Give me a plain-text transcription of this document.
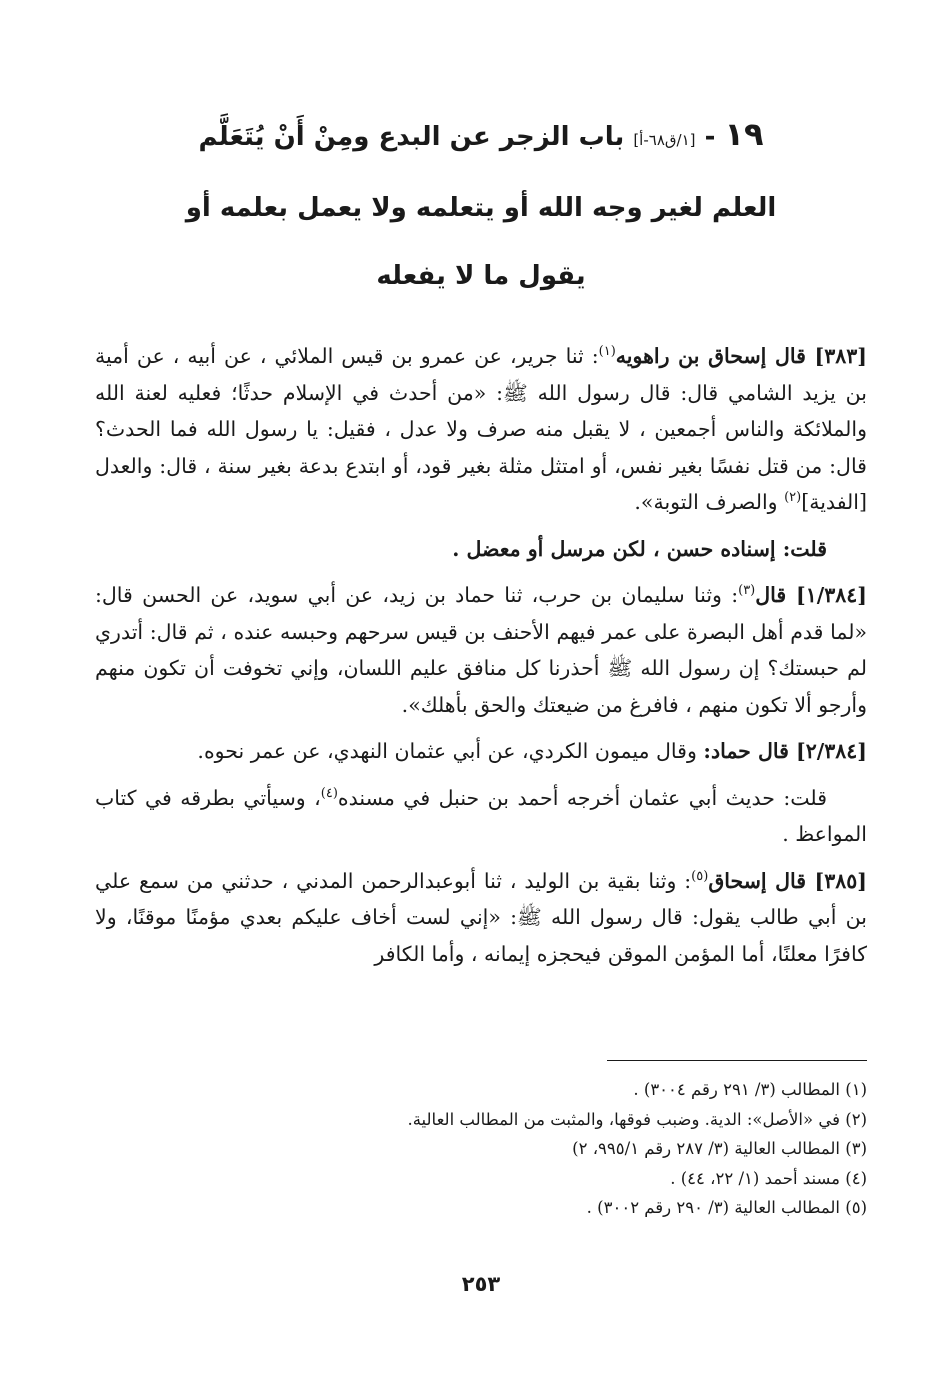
١٩ - [١/ق٦٨-أ] باب الزجر عن البدع ومِنْ أَنْ يُتَعَلَّم
العلم لغير وجه الله أو يتعلمه ولا يعمل بعلمه أو
يقول ما لا يفعله

[٣٨٣] قال إسحاق بن راهويه$^{(١)}$: ثنا جرير، عن عمرو بن قيس الملائي ، عن أبيه ، عن أمية بن يزيد الشامي قال: قال رسول الله ﷺ: «من أحدث في الإسلام حدثًا؛ فعليه لعنة الله والملائكة والناس أجمعين ، لا يقبل منه صرف ولا عدل ، فقيل: يا رسول الله فما الحدث؟ قال: من قتل نفسًا بغير نفس، أو امتثل مثلة بغير قود، أو ابتدع بدعة بغير سنة ، قال: والعدل [الفدية]$^{(٢)}$ والصرف التوبة».

قلت: إسناده حسن ، لكن مرسل أو معضل .

[١/٣٨٤] قال$^{(٣)}$: وثنا سليمان بن حرب، ثنا حماد بن زيد، عن أبي سويد، عن الحسن قال: «لما قدم أهل البصرة على عمر فيهم الأحنف بن قيس سرحهم وحبسه عنده ، ثم قال: أتدري لم حبستك؟ إن رسول الله ﷺ أحذرنا كل منافق عليم اللسان، وإني تخوفت أن تكون منهم وأرجو ألا تكون منهم ، فافرغ من ضيعتك والحق بأهلك».

[٢/٣٨٤] قال حماد: وقال ميمون الكردي، عن أبي عثمان النهدي، عن عمر نحوه.

قلت: حديث أبي عثمان أخرجه أحمد بن حنبل في مسنده$^{(٤)}$، وسيأتي بطرقه في كتاب المواعظ .

[٣٨٥] قال إسحاق$^{(٥)}$: وثنا بقية بن الوليد ، ثنا أبوعبدالرحمن المدني ، حدثني من سمع علي بن أبي طالب يقول: قال رسول الله ﷺ: «إني لست أخاف عليكم بعدي مؤمنًا موقنًا، ولا كافرًا معلنًا، أما المؤمن الموقن فيحجزه إيمانه ، وأما الكافر

(١) المطالب (٣/ ٢٩١ رقم ٣٠٠٤) .

(٢) في «الأصل»: الدية. وضبب فوقها، والمثبت من المطالب العالية.

(٣) المطالب العالية (٣/ ٢٨٧ رقم ٩٩٥/١، ٢)

(٤) مسند أحمد (١/ ٢٢، ٤٤) .

(٥) المطالب العالية (٣/ ٢٩٠ رقم ٣٠٠٢) .

٢٥٣
